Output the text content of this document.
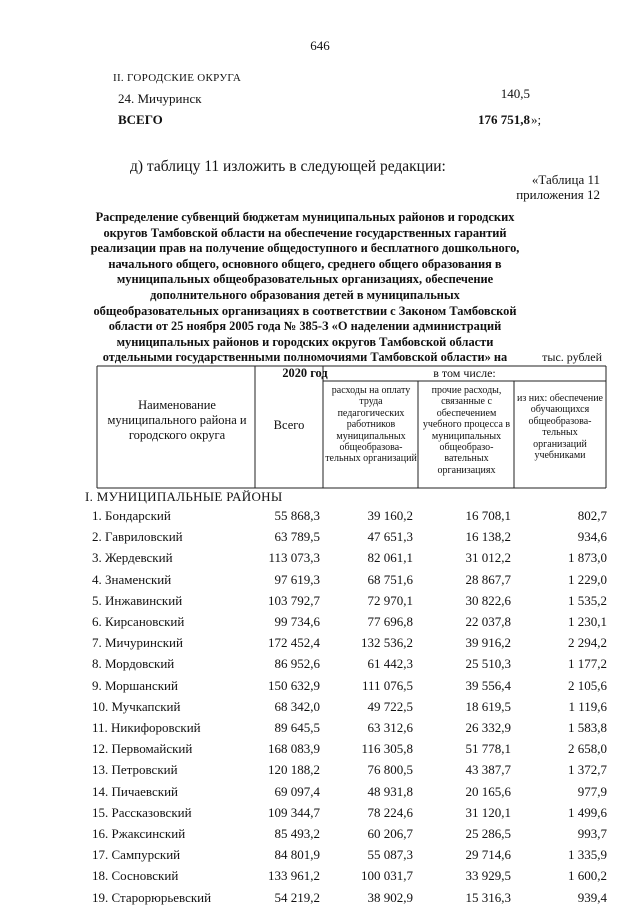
646
II. ГОРОДСКИЕ ОКРУГА
24. Мичуринск	140,5
ВСЕГО	176 751,8 »;
д) таблицу 11 изложить в следующей редакции:
«Таблица 11
приложения 12
Распределение субвенций бюджетам муниципальных районов и городских округов Тамбовской области на обеспечение государственных гарантий реализации прав на получение общедоступного и бесплатного дошкольного, начального общего, основного общего, среднего общего образования в муниципальных общеобразовательных организациях, обеспечение дополнительного образования детей в муниципальных общеобразовательных организациях в соответствии с Законом Тамбовской области от 25 ноября 2005 года № 385-З «О наделении администраций муниципальных районов и городских округов Тамбовской области отдельными государственными полномочиями Тамбовской области» на 2020 год
тыс. рублей
Наименование муниципального района и городского округа
Всего
в том числе:
расходы на оплату труда педагогических работников муниципальных общеобразова-тельных организаций
прочие расходы, связанные с обеспечением учебного процесса в муниципальных общеобразо-вательных организациях
из них: обеспечение обучающихся общеобразова-тельных организаций учебниками
I. МУНИЦИПАЛЬНЫЕ РАЙОНЫ
1. Бондарский	55 868,3	39 160,2	16 708,1	802,7
2. Гавриловский	63 789,5	47 651,3	16 138,2	934,6
3. Жердевский	113 073,3	82 061,1	31 012,2	1 873,0
4. Знаменский	97 619,3	68 751,6	28 867,7	1 229,0
5. Инжавинский	103 792,7	72 970,1	30 822,6	1 535,2
6. Кирсановский	99 734,6	77 696,8	22 037,8	1 230,1
7. Мичуринский	172 452,4	132 536,2	39 916,2	2 294,2
8. Мордовский	86 952,6	61 442,3	25 510,3	1 177,2
9. Моршанский	150 632,9	111 076,5	39 556,4	2 105,6
10. Мучкапский	68 342,0	49 722,5	18 619,5	1 119,6
11. Никифоровский	89 645,5	63 312,6	26 332,9	1 583,8
12. Первомайский	168 083,9	116 305,8	51 778,1	2 658,0
13. Петровский	120 188,2	76 800,5	43 387,7	1 372,7
14. Пичаевский	69 097,4	48 931,8	20 165,6	977,9
15. Рассказовский	109 344,7	78 224,6	31 120,1	1 499,6
16. Ржаксинский	85 493,2	60 206,7	25 286,5	993,7
17. Сампурский	84 801,9	55 087,3	29 714,6	1 335,9
18. Сосновский	133 961,2	100 031,7	33 929,5	1 600,2
19. Старорюрьевский	54 219,2	38 902,9	15 316,3	939,4
